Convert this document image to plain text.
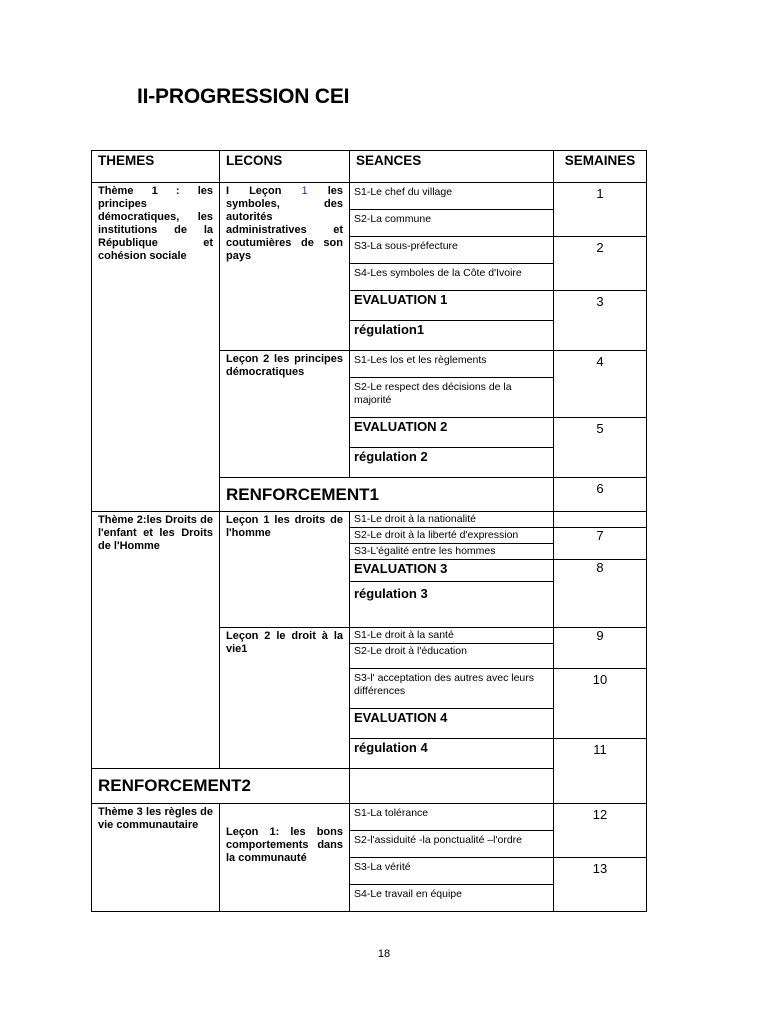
II-PROGRESSION CEI
THEMES	LECONS	SEANCES	SEMAINES
Thème 1 : les principes démocratiques, les institutions de la République et cohésion sociale	I Leçon 1 les symboles, des autorités administratives et coutumières de son pays	S1-Le chef du village	1
		S2-La commune	
		S3-La sous-préfecture	2
		S4-Les symboles de la Côte d'Ivoire	
		EVALUATION 1	3
		régulation1	
	Leçon 2 les principes démocratiques	S1-Les los et les règlements	4
		S2-Le respect des décisions de la majorité	
		EVALUATION 2	5
		régulation 2	
	RENFORCEMENT1		6

Thème 2:les Droits de l'enfant et les Droits de l'Homme	Leçon 1 les droits de l'homme	S1-Le droit à la nationalité	
		S2-Le droit à la liberté d'expression	7
		S3-L'égalité entre les hommes	
		EVALUATION 3	8
		régulation 3	
	Leçon 2 le droit à la vie1	S1-Le droit à la santé	9
		S2-Le droit à l'éducation	
		S3-l' acceptation des autres avec leurs différences	10
		EVALUATION 4	
		régulation 4	11
RENFORCEMENT2			
Thème 3 les règles de vie communautaire	Leçon 1: les bons comportements dans la communauté	S1-La tolérance	12
		S2-l'assiduité -la ponctualité –l'ordre	
		S3-La vérité	13
		S4-Le travail en équipe	
18
